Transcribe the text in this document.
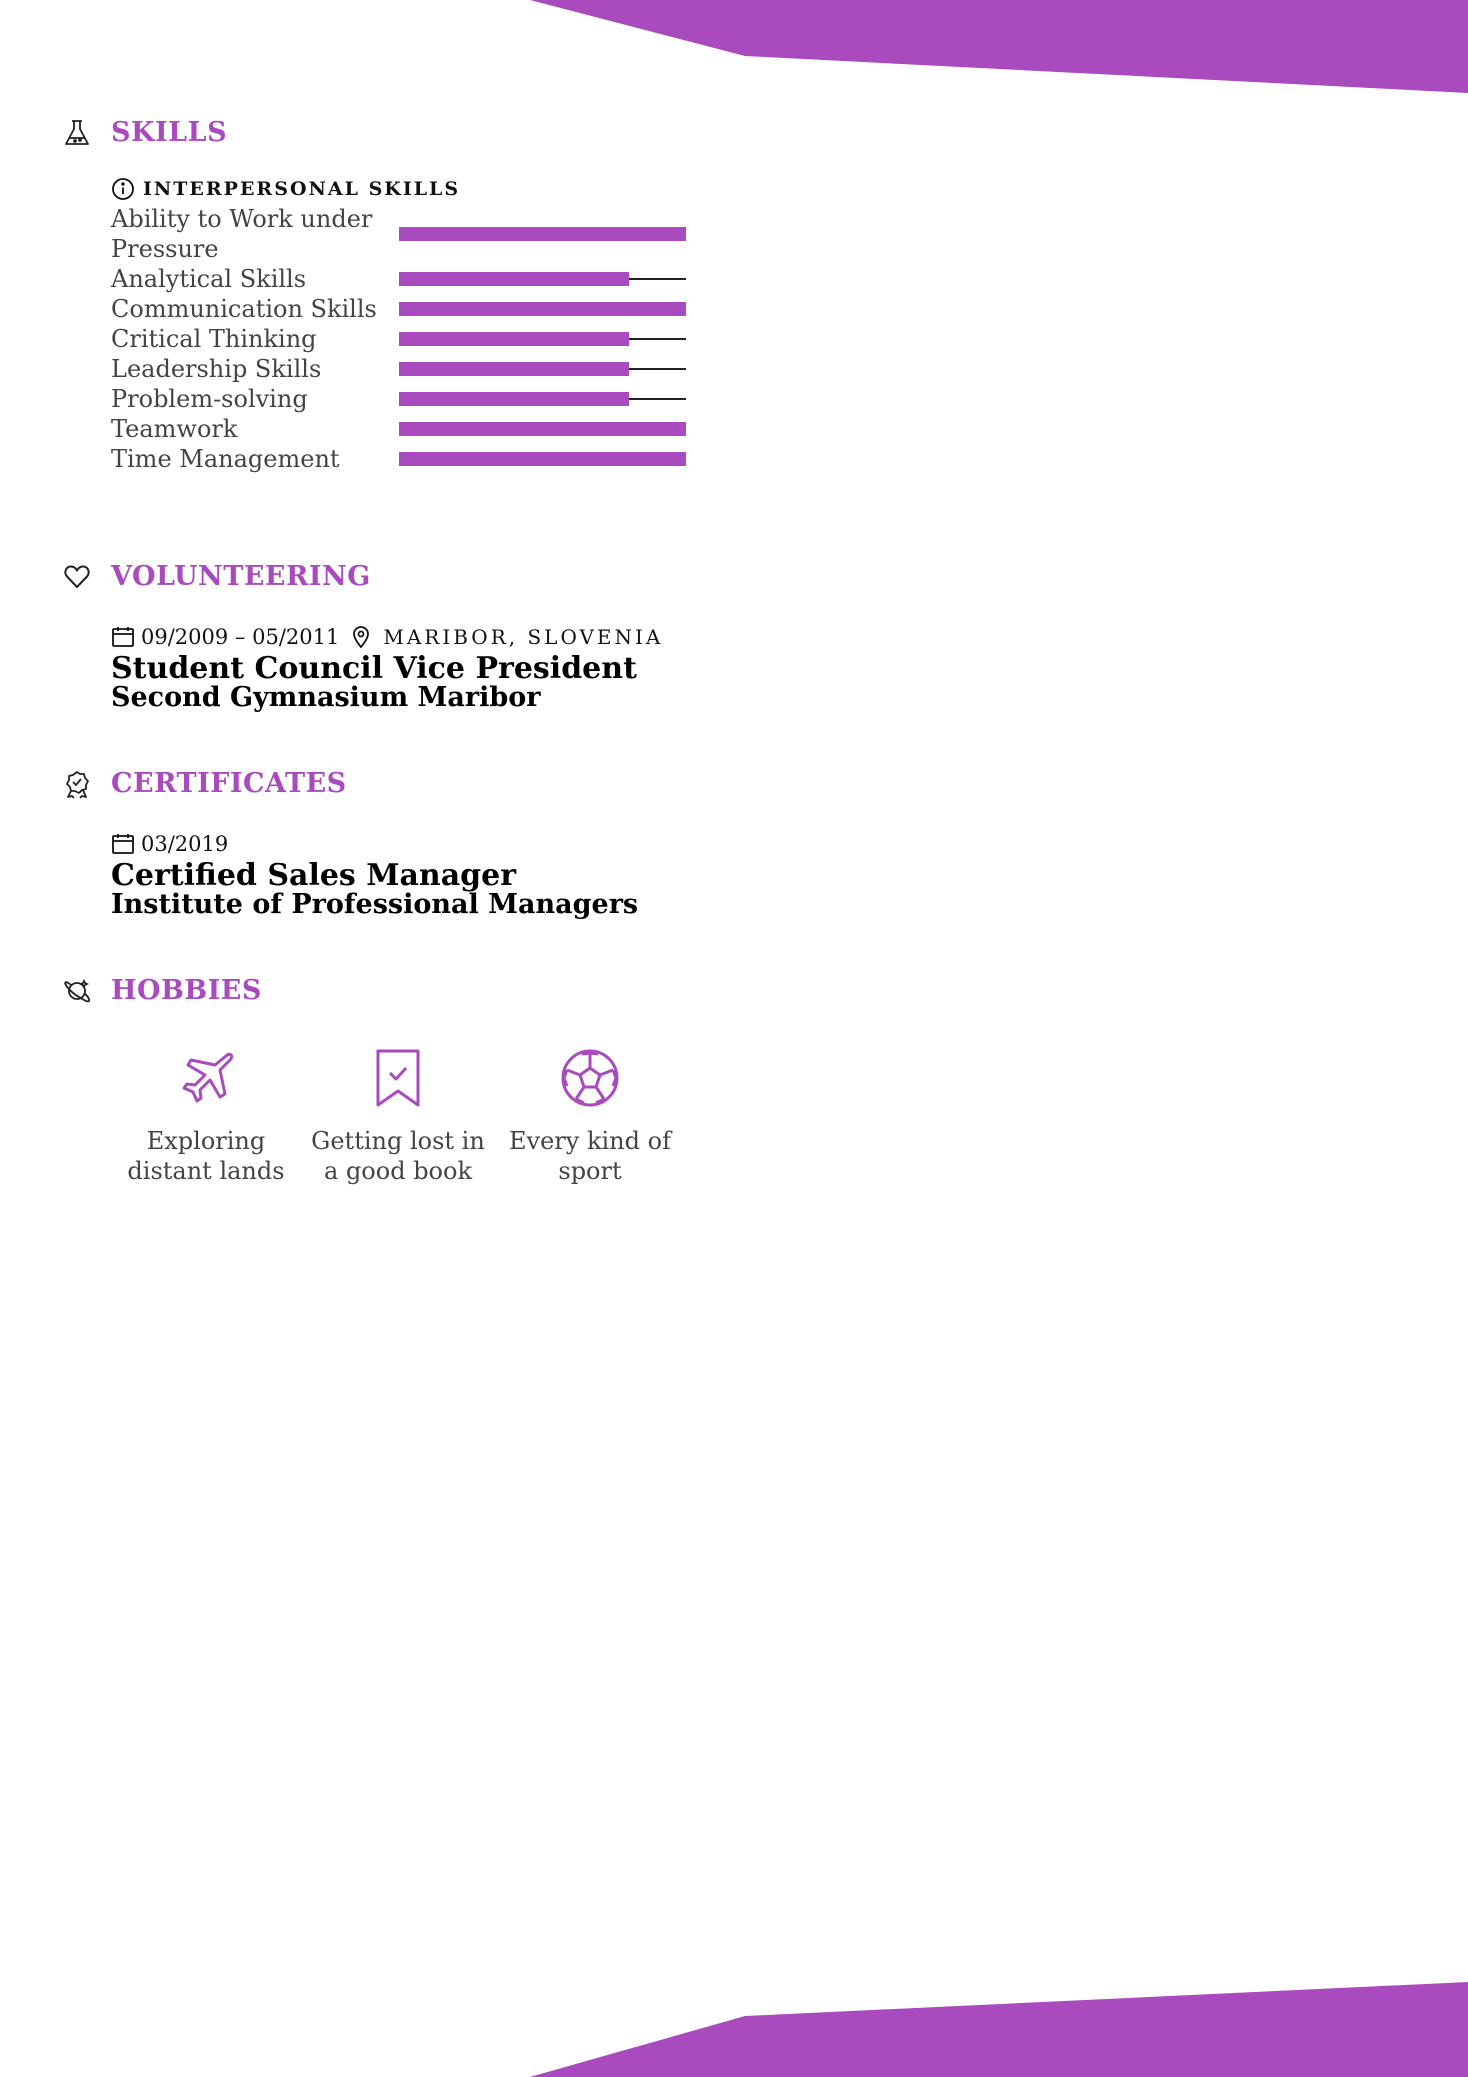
SKILLS
INTERPERSONAL SKILLS
Ability to Work under Pressure
Analytical Skills
Communication Skills
Critical Thinking
Leadership Skills
Problem-solving
Teamwork
Time Management
VOLUNTEERING
09/2009 – 05/2011 MARIBOR, SLOVENIA
Student Council Vice President
Second Gymnasium Maribor
CERTIFICATES
03/2019
Certified Sales Manager
Institute of Professional Managers
HOBBIES
Exploring distant lands
Getting lost in a good book
Every kind of sport
